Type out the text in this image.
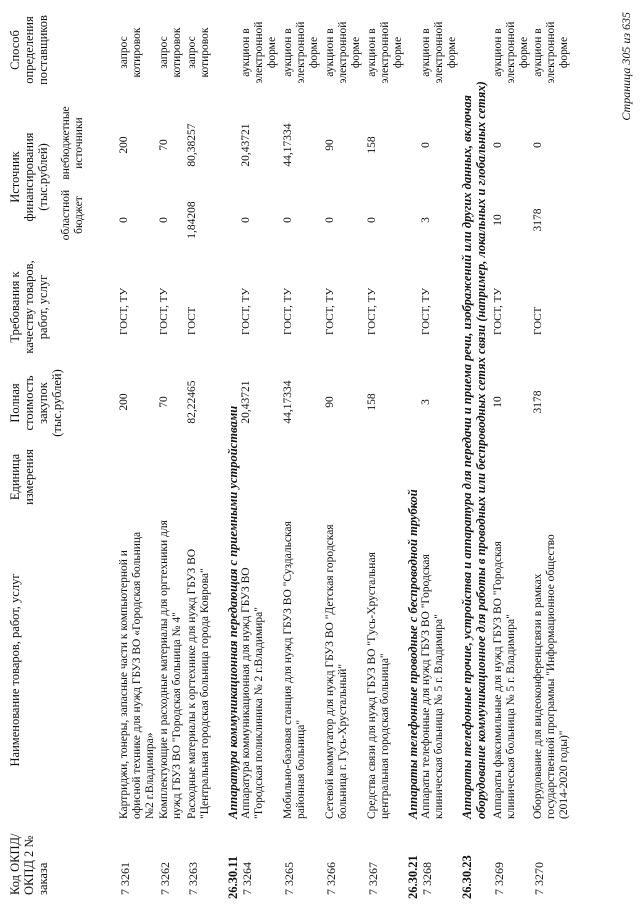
Код ОКПД/ ОКПД 2 № заказа
Наименование товаров, работ, услуг
Единица измерения
Полная стоимость закупок (тыс.рублей)
Требования к качеству товаров, работ, услуг
Источник финансирования (тыс.рублей)
областной бюджет
внебюджетные источники
Способ определения поставщиков
7 3261
Картриджи, тонеры, запасные части к компьютерной и офисной технике для нужд ГБУЗ ВО «Городская больница №2 г.Владимира»
200
ГОСТ, ТУ
0
200
запрос котировок
7 3262
Комплектующие и расходные материалы для оргтехники для нужд ГБУЗ ВО "Городская больница № 4"
70
ГОСТ, ТУ
0
70
запрос котировок
7 3263
Расходные материалы к оргтехнике для нужд ГБУЗ ВО "Центральная городская больница города Коврова"
82,22465
ГОСТ
1,84208
80,38257
запрос котировок
26.30.11
Аппаратура коммуникационная передающая с приемными устройствами
7 3264
Аппаратура коммуникационная для нужд ГБУЗ ВО "Городская поликлиника № 2 г.Владимира"
20,43721
ГОСТ, ТУ
0
20,43721
аукцион в электронной форме
7 3265
Мобильно-базовая станция для нужд ГБУЗ ВО "Суздальская районная больница"
44,17334
ГОСТ, ТУ
0
44,17334
аукцион в электронной форме
7 3266
Сетевой коммутатор для нужд ГБУЗ ВО "Детская городская больница г. Гусь-Хрустальный"
90
ГОСТ, ТУ
0
90
аукцион в электронной форме
7 3267
Средства связи для нужд ГБУЗ ВО "Гусь-Хрустальная центральная городская больница"
158
ГОСТ, ТУ
0
158
аукцион в электронной форме
26.30.21
Аппараты телефонные проводные с беспроводной трубкой
7 3268
Аппараты телефонные для нужд ГБУЗ ВО "Городская клиническая больница № 5 г. Владимира"
3
ГОСТ, ТУ
3
0
аукцион в электронной форме
26.30.23
Аппараты телефонные прочие, устройства и аппаратура для передачи и приема речи, изображений или других данных, включая оборудование коммуникационное для работы в проводных или беспроводных сетях связи (например, локальных и глобальных сетях)
7 3269
Аппараты факсимильные для нужд ГБУЗ ВО "Городская клиническая больница № 5 г. Владимира"
10
ГОСТ, ТУ
10
0
аукцион в электронной форме
7 3270
Оборудование для видеоконференцсвязи в рамках государственной программы "Информационное общество (2014-2020 годы)"
3178
ГОСТ
3178
0
аукцион в электронной форме	Страница 305 из 635
